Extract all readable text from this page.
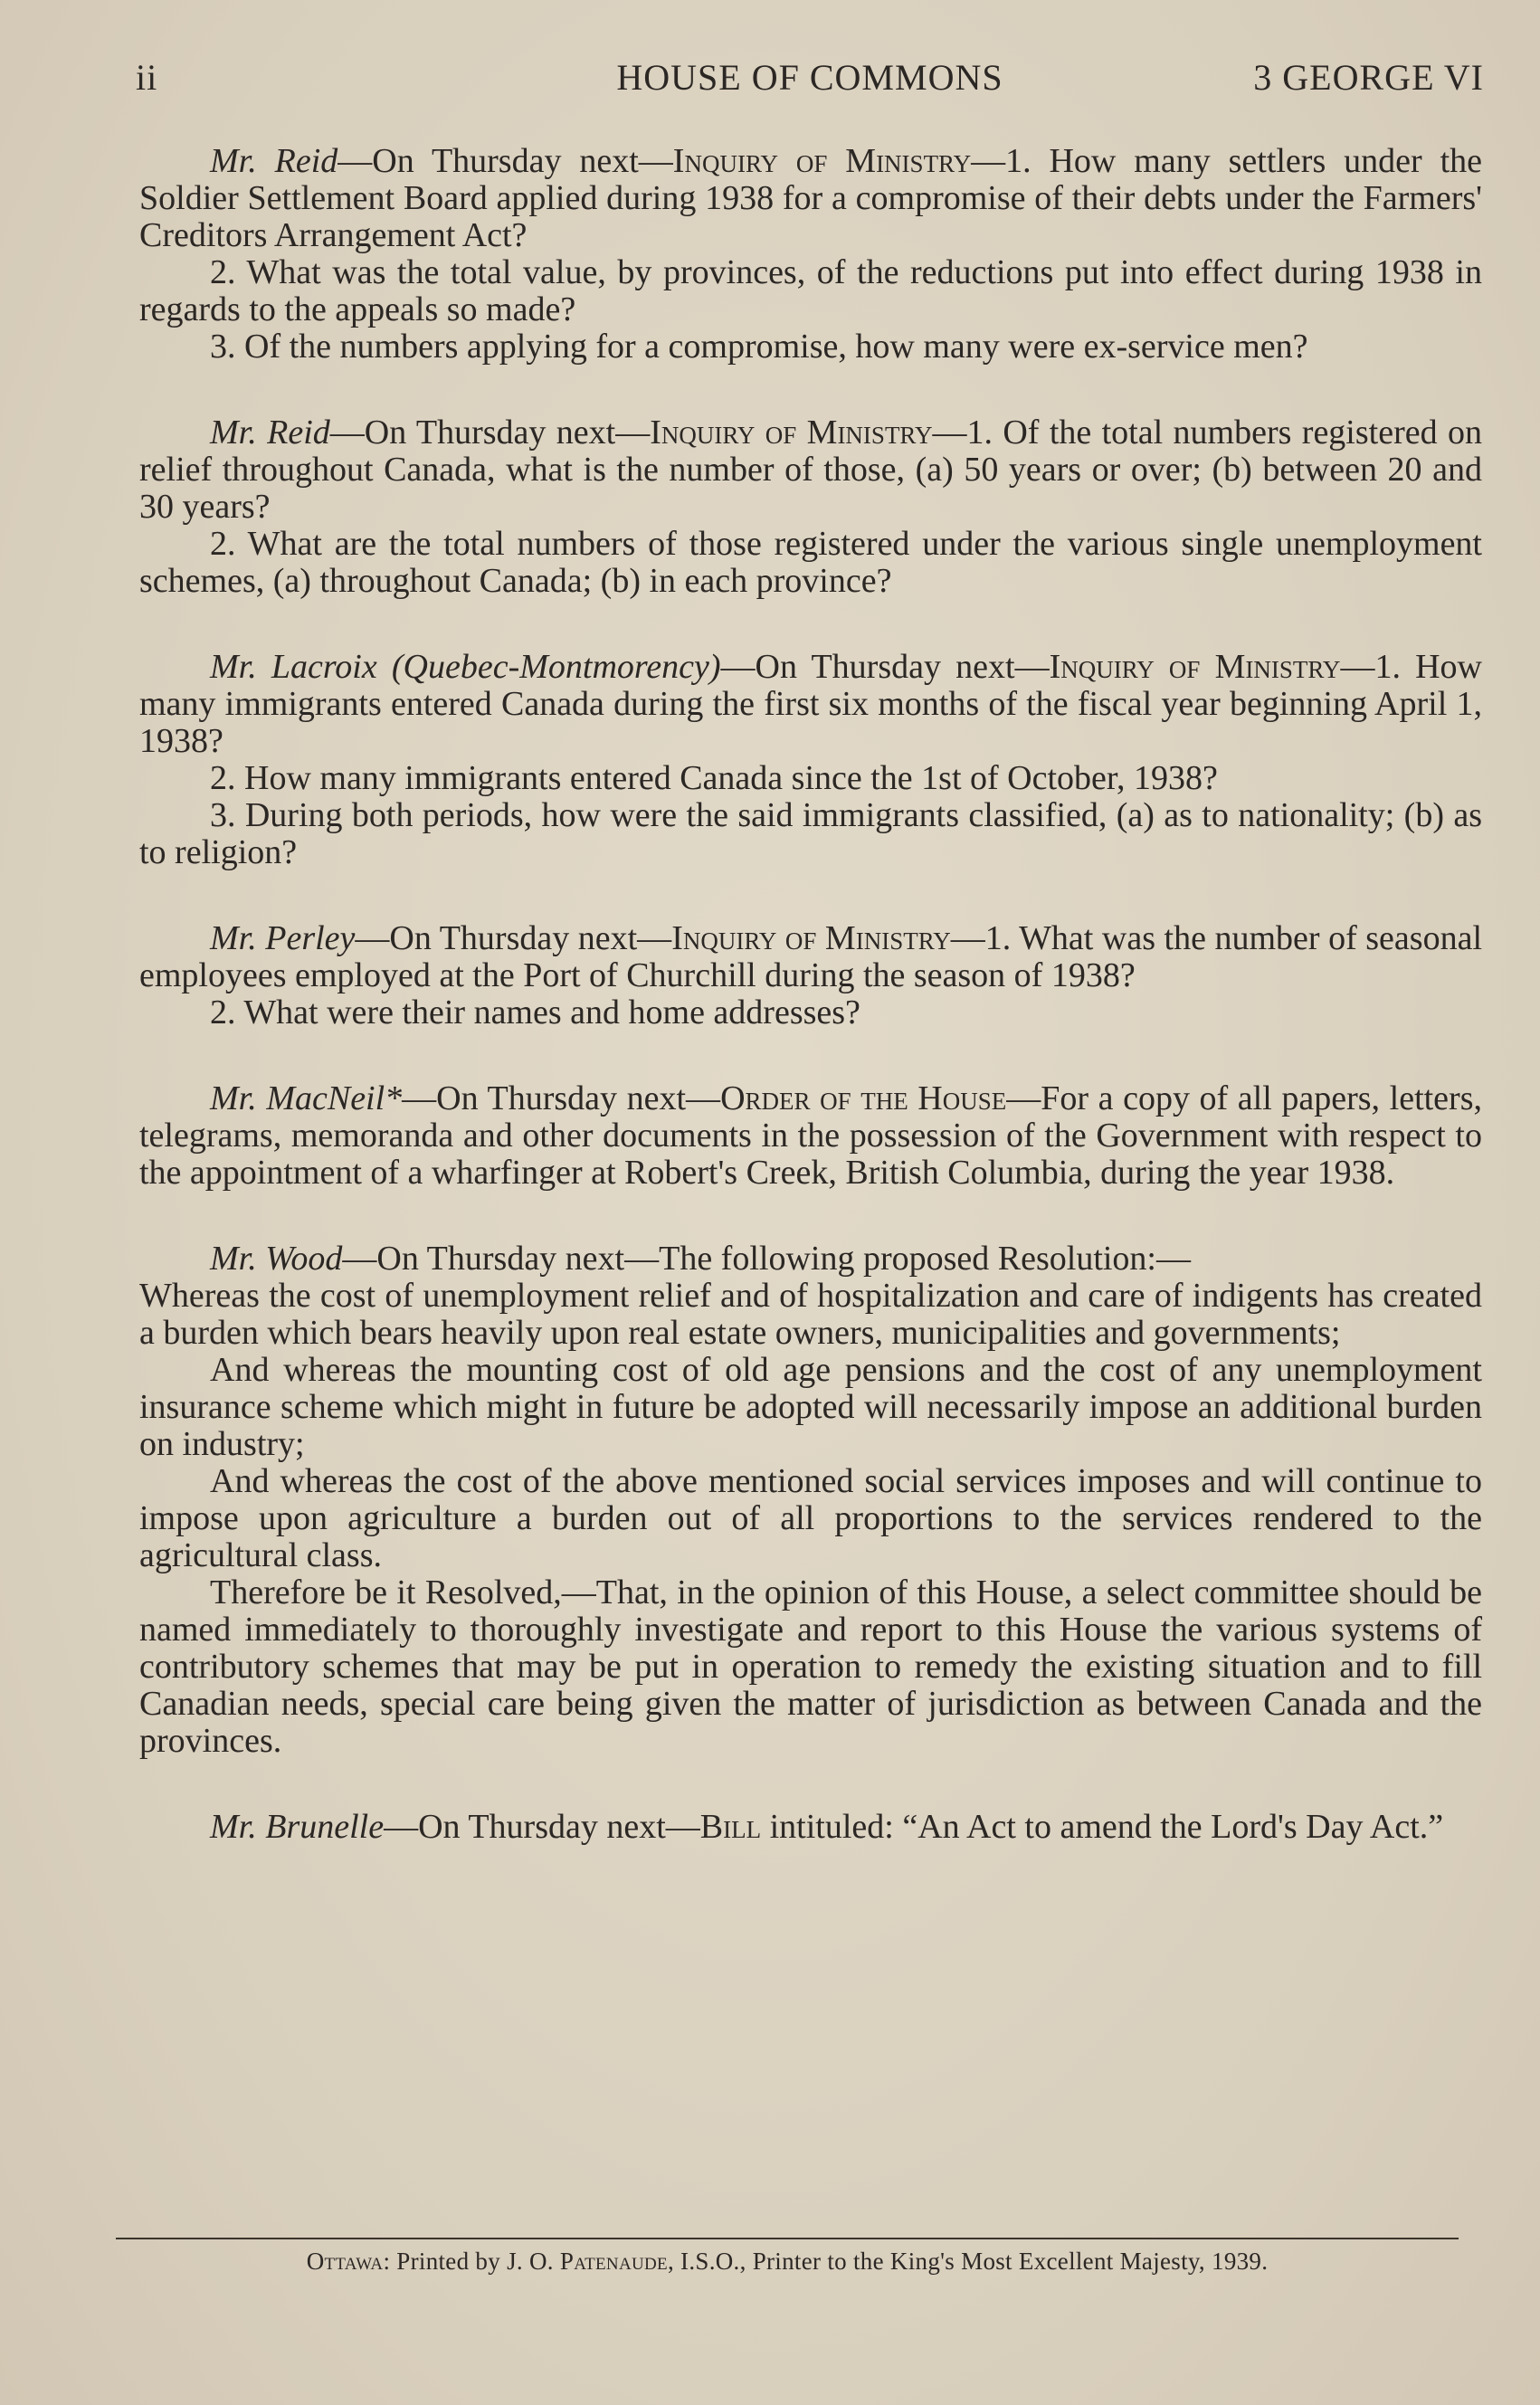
ii	HOUSE OF COMMONS	3 GEORGE VI

Mr. Reid—On Thursday next—Inquiry of Ministry—1. How many settlers under the Soldier Settlement Board applied during 1938 for a compromise of their debts under the Farmers' Creditors Arrangement Act?

2. What was the total value, by provinces, of the reductions put into effect during 1938 in regards to the appeals so made?

3. Of the numbers applying for a compromise, how many were ex-service men?

Mr. Reid—On Thursday next—Inquiry of Ministry—1. Of the total numbers registered on relief throughout Canada, what is the number of those, (a) 50 years or over; (b) between 20 and 30 years?

2. What are the total numbers of those registered under the various single unemployment schemes, (a) throughout Canada; (b) in each province?

Mr. Lacroix (Quebec-Montmorency)—On Thursday next—Inquiry of Ministry—1. How many immigrants entered Canada during the first six months of the fiscal year beginning April 1, 1938?

2. How many immigrants entered Canada since the 1st of October, 1938?

3. During both periods, how were the said immigrants classified, (a) as to nationality; (b) as to religion?

Mr. Perley—On Thursday next—Inquiry of Ministry—1. What was the number of seasonal employees employed at the Port of Churchill during the season of 1938?

2. What were their names and home addresses?

Mr. MacNeil*—On Thursday next—Order of the House—For a copy of all papers, letters, telegrams, memoranda and other documents in the possession of the Government with respect to the appointment of a wharfinger at Robert's Creek, British Columbia, during the year 1938.

Mr. Wood—On Thursday next—The following proposed Resolution:—

Whereas the cost of unemployment relief and of hospitalization and care of indigents has created a burden which bears heavily upon real estate owners, municipalities and governments;

And whereas the mounting cost of old age pensions and the cost of any unemployment insurance scheme which might in future be adopted will necessarily impose an additional burden on industry;

And whereas the cost of the above mentioned social services imposes and will continue to impose upon agriculture a burden out of all proportions to the services rendered to the agricultural class.

Therefore be it Resolved,—That, in the opinion of this House, a select committee should be named immediately to thoroughly investigate and report to this House the various systems of contributory schemes that may be put in operation to remedy the existing situation and to fill Canadian needs, special care being given the matter of jurisdiction as between Canada and the provinces.

Mr. Brunelle—On Thursday next—Bill intituled: “An Act to amend the Lord's Day Act.”

Ottawa: Printed by J. O. Patenaude, I.S.O., Printer to the King's Most Excellent Majesty, 1939.
